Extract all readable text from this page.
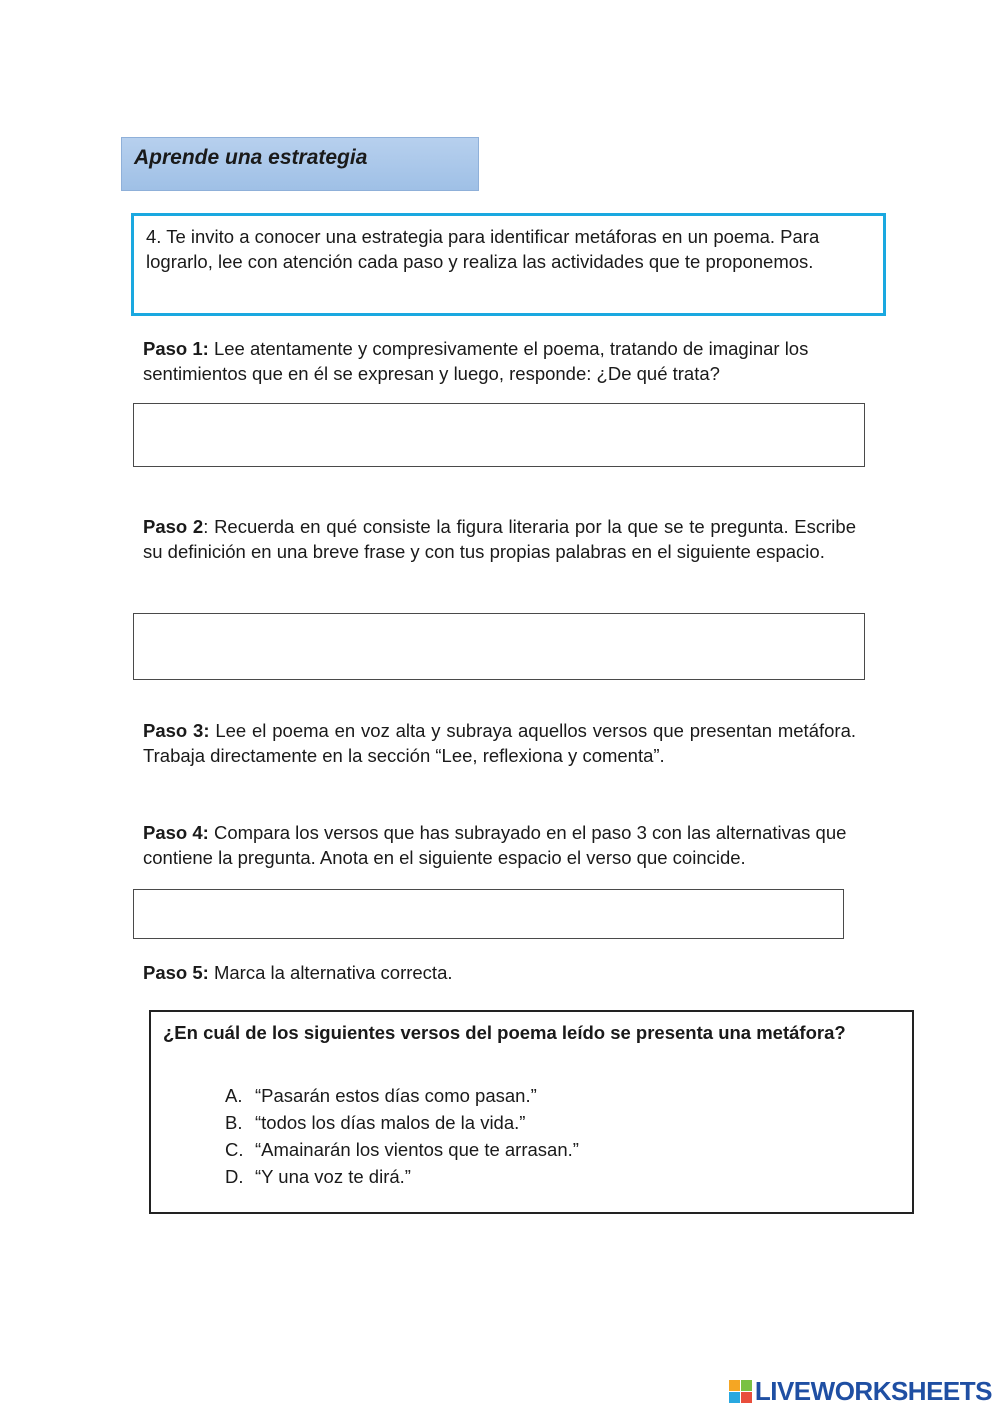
Aprende una estrategia
4. Te invito a conocer una estrategia para identificar metáforas en un poema. Para lograrlo, lee con atención cada paso y realiza las actividades que te proponemos.
Paso 1: Lee atentamente y compresivamente el poema, tratando de imaginar los sentimientos que en él se expresan y luego, responde: ¿De qué trata?
Paso 2: Recuerda en qué consiste la figura literaria por la que se te pregunta. Escribe su definición en una breve frase y con tus propias palabras en el siguiente espacio.
Paso 3: Lee el poema en voz alta y subraya aquellos versos que presentan metáfora. Trabaja directamente en la sección “Lee, reflexiona y comenta”.
Paso 4: Compara los versos que has subrayado en el paso 3 con las alternativas que contiene la pregunta. Anota en el siguiente espacio el verso que coincide.
Paso 5: Marca la alternativa correcta.
¿En cuál de los siguientes versos del poema leído se presenta una metáfora?
A. “Pasarán estos días como pasan.”
B. “todos los días malos de la vida.”
C. “Amainarán los vientos que te arrasan.”
D. “Y una voz te dirá.”
LIVEWORKSHEETS
